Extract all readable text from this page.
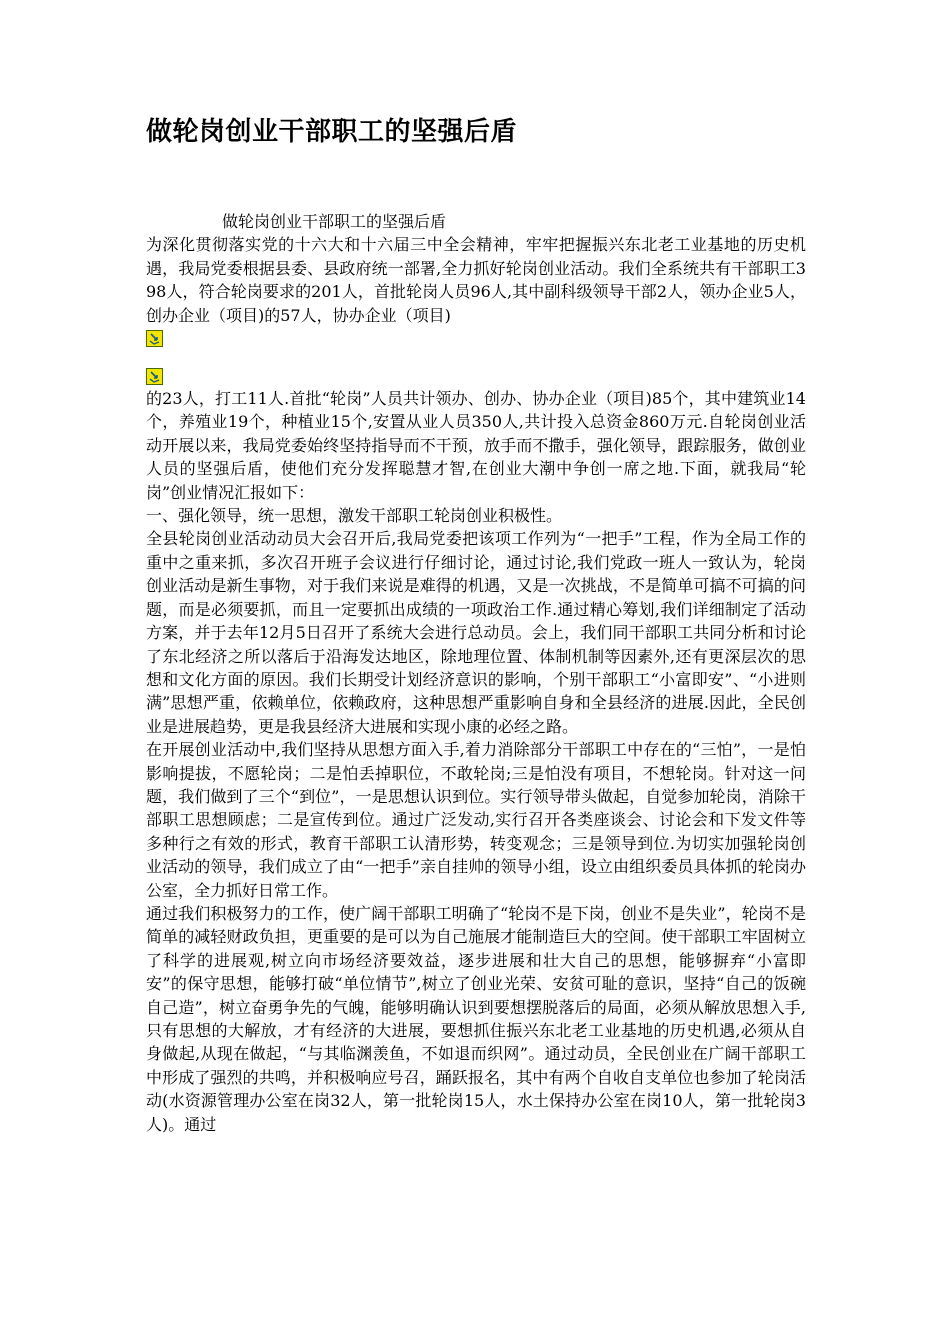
做轮岗创业干部职工的坚强后盾

做轮岗创业干部职工的坚强后盾

为深化贯彻落实党的十六大和十六届三中全会精神，牢牢把握振兴东北老工业基地的历史机遇，我局党委根据县委、县政府统一部署,全力抓好轮岗创业活动。我们全系统共有干部职工398人，符合轮岗要求的201人，首批轮岗人员96人,其中副科级领导干部2人，领办企业5人，创办企业（项目)的57人，协办企业（项目)

的23人，打工11人.首批“轮岗”人员共计领办、创办、协办企业（项目)85个，其中建筑业14个，养殖业19个，种植业15个,安置从业人员350人,共计投入总资金860万元.自轮岗创业活动开展以来，我局党委始终坚持指导而不干预，放手而不撒手，强化领导，跟踪服务，做创业人员的坚强后盾，使他们充分发挥聪慧才智,在创业大潮中争创一席之地.下面，就我局“轮岗”创业情况汇报如下：

一、强化领导，统一思想，激发干部职工轮岗创业积极性。

全县轮岗创业活动动员大会召开后,我局党委把该项工作列为“一把手”工程，作为全局工作的重中之重来抓，多次召开班子会议进行仔细讨论，通过讨论,我们党政一班人一致认为，轮岗创业活动是新生事物，对于我们来说是难得的机遇，又是一次挑战，不是简单可搞不可搞的问题，而是必须要抓，而且一定要抓出成绩的一项政治工作.通过精心筹划,我们详细制定了活动方案，并于去年12月5日召开了系统大会进行总动员。会上，我们同干部职工共同分析和讨论了东北经济之所以落后于沿海发达地区，除地理位置、体制机制等因素外,还有更深层次的思想和文化方面的原因。我们长期受计划经济意识的影响，个别干部职工“小富即安”、“小进则满”思想严重，依赖单位，依赖政府，这种思想严重影响自身和全县经济的进展.因此，全民创业是进展趋势，更是我县经济大进展和实现小康的必经之路。

在开展创业活动中,我们坚持从思想方面入手,着力消除部分干部职工中存在的“三怕”，一是怕影响提拔，不愿轮岗；二是怕丢掉职位，不敢轮岗;三是怕没有项目，不想轮岗。针对这一问题，我们做到了三个“到位”，一是思想认识到位。实行领导带头做起，自觉参加轮岗，消除干部职工思想顾虑；二是宣传到位。通过广泛发动,实行召开各类座谈会、讨论会和下发文件等多种行之有效的形式，教育干部职工认清形势，转变观念；三是领导到位.为切实加强轮岗创业活动的领导，我们成立了由“一把手”亲自挂帅的领导小组，设立由组织委员具体抓的轮岗办公室，全力抓好日常工作。

通过我们积极努力的工作，使广阔干部职工明确了“轮岗不是下岗，创业不是失业”，轮岗不是简单的减轻财政负担，更重要的是可以为自己施展才能制造巨大的空间。使干部职工牢固树立了科学的进展观,树立向市场经济要效益，逐步进展和壮大自己的思想，能够摒弃“小富即安”的保守思想，能够打破“单位情节”,树立了创业光荣、安贫可耻的意识，坚持“自己的饭碗自己造”，树立奋勇争先的气魄，能够明确认识到要想摆脱落后的局面，必须从解放思想入手,只有思想的大解放，才有经济的大进展，要想抓住振兴东北老工业基地的历史机遇,必须从自身做起,从现在做起，“与其临渊羡鱼，不如退而织网”。通过动员，全民创业在广阔干部职工中形成了强烈的共鸣，并积极响应号召，踊跃报名，其中有两个自收自支单位也参加了轮岗活动(水资源管理办公室在岗32人，第一批轮岗15人，水土保持办公室在岗10人，第一批轮岗3人)。通过
